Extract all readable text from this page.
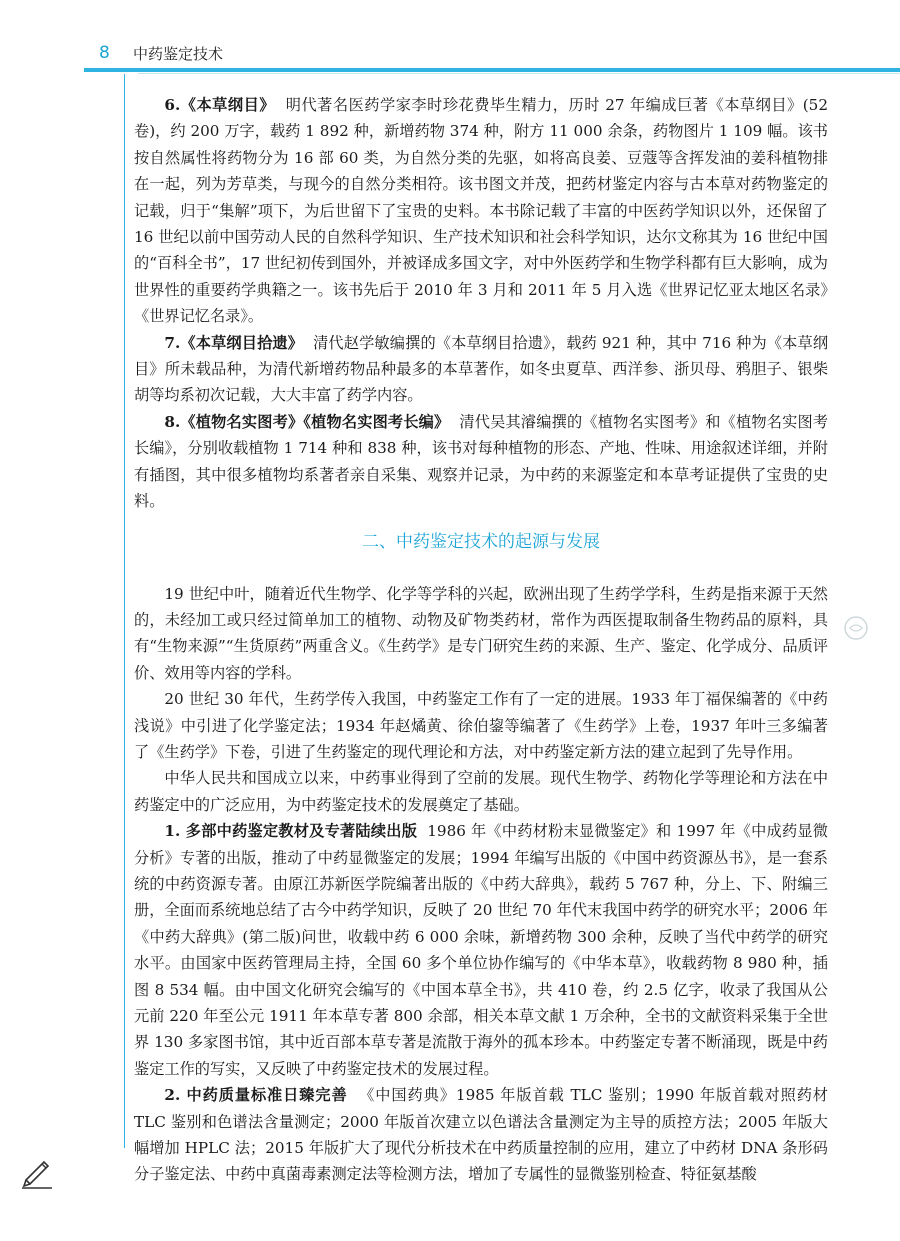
8 中药鉴定技术

6.《本草纲目》 明代著名医药学家李时珍花费毕生精力，历时 27 年编成巨著《本草纲目》(52 卷)，约 200 万字，载药 1 892 种，新增药物 374 种，附方 11 000 余条，药物图片 1 109 幅。该书按自然属性将药物分为 16 部 60 类，为自然分类的先驱，如将高良姜、豆蔻等含挥发油的姜科植物排在一起，列为芳草类，与现今的自然分类相符。该书图文并茂，把药材鉴定内容与古本草对药物鉴定的记载，归于“集解”项下，为后世留下了宝贵的史料。本书除记载了丰富的中医药学知识以外，还保留了 16 世纪以前中国劳动人民的自然科学知识、生产技术知识和社会科学知识，达尔文称其为 16 世纪中国的“百科全书”，17 世纪初传到国外，并被译成多国文字，对中外医药学和生物学科都有巨大影响，成为世界性的重要药学典籍之一。该书先后于 2010 年 3 月和 2011 年 5 月入选《世界记忆亚太地区名录》《世界记忆名录》。

7.《本草纲目拾遗》 清代赵学敏编撰的《本草纲目拾遗》，载药 921 种，其中 716 种为《本草纲目》所未载品种，为清代新增药物品种最多的本草著作，如冬虫夏草、西洋参、浙贝母、鸦胆子、银柴胡等均系初次记载，大大丰富了药学内容。

8.《植物名实图考》《植物名实图考长编》 清代吴其濬编撰的《植物名实图考》和《植物名实图考长编》，分别收载植物 1 714 种和 838 种，该书对每种植物的形态、产地、性味、用途叙述详细，并附有插图，其中很多植物均系著者亲自采集、观察并记录，为中药的来源鉴定和本草考证提供了宝贵的史料。

二、中药鉴定技术的起源与发展

19 世纪中叶，随着近代生物学、化学等学科的兴起，欧洲出现了生药学学科，生药是指来源于天然的，未经加工或只经过简单加工的植物、动物及矿物类药材，常作为西医提取制备生物药品的原料，具有“生物来源”“生货原药”两重含义。《生药学》是专门研究生药的来源、生产、鉴定、化学成分、品质评价、效用等内容的学科。

20 世纪 30 年代，生药学传入我国，中药鉴定工作有了一定的进展。1933 年丁福保编著的《中药浅说》中引进了化学鉴定法；1934 年赵燏黄、徐伯鋆等编著了《生药学》上卷，1937 年叶三多编著了《生药学》下卷，引进了生药鉴定的现代理论和方法，对中药鉴定新方法的建立起到了先导作用。

中华人民共和国成立以来，中药事业得到了空前的发展。现代生物学、药物化学等理论和方法在中药鉴定中的广泛应用，为中药鉴定技术的发展奠定了基础。

1. 多部中药鉴定教材及专著陆续出版 1986 年《中药材粉末显微鉴定》和 1997 年《中成药显微分析》专著的出版，推动了中药显微鉴定的发展；1994 年编写出版的《中国中药资源丛书》，是一套系统的中药资源专著。由原江苏新医学院编著出版的《中药大辞典》，载药 5 767 种，分上、下、附编三册，全面而系统地总结了古今中药学知识，反映了 20 世纪 70 年代末我国中药学的研究水平；2006 年《中药大辞典》(第二版)问世，收载中药 6 000 余味，新增药物 300 余种，反映了当代中药学的研究水平。由国家中医药管理局主持，全国 60 多个单位协作编写的《中华本草》，收载药物 8 980 种，插图 8 534 幅。由中国文化研究会编写的《中国本草全书》，共 410 卷，约 2.5 亿字，收录了我国从公元前 220 年至公元 1911 年本草专著 800 余部，相关本草文献 1 万余种，全书的文献资料采集于全世界 130 多家图书馆，其中近百部本草专著是流散于海外的孤本珍本。中药鉴定专著不断涌现，既是中药鉴定工作的写实，又反映了中药鉴定技术的发展过程。

2. 中药质量标准日臻完善 《中国药典》1985 年版首载 TLC 鉴别；1990 年版首载对照药材 TLC 鉴别和色谱法含量测定；2000 年版首次建立以色谱法含量测定为主导的质控方法；2005 年版大幅增加 HPLC 法；2015 年版扩大了现代分析技术在中药质量控制的应用，建立了中药材 DNA 条形码分子鉴定法、中药中真菌毒素测定法等检测方法，增加了专属性的显微鉴别检查、特征氨基酸
